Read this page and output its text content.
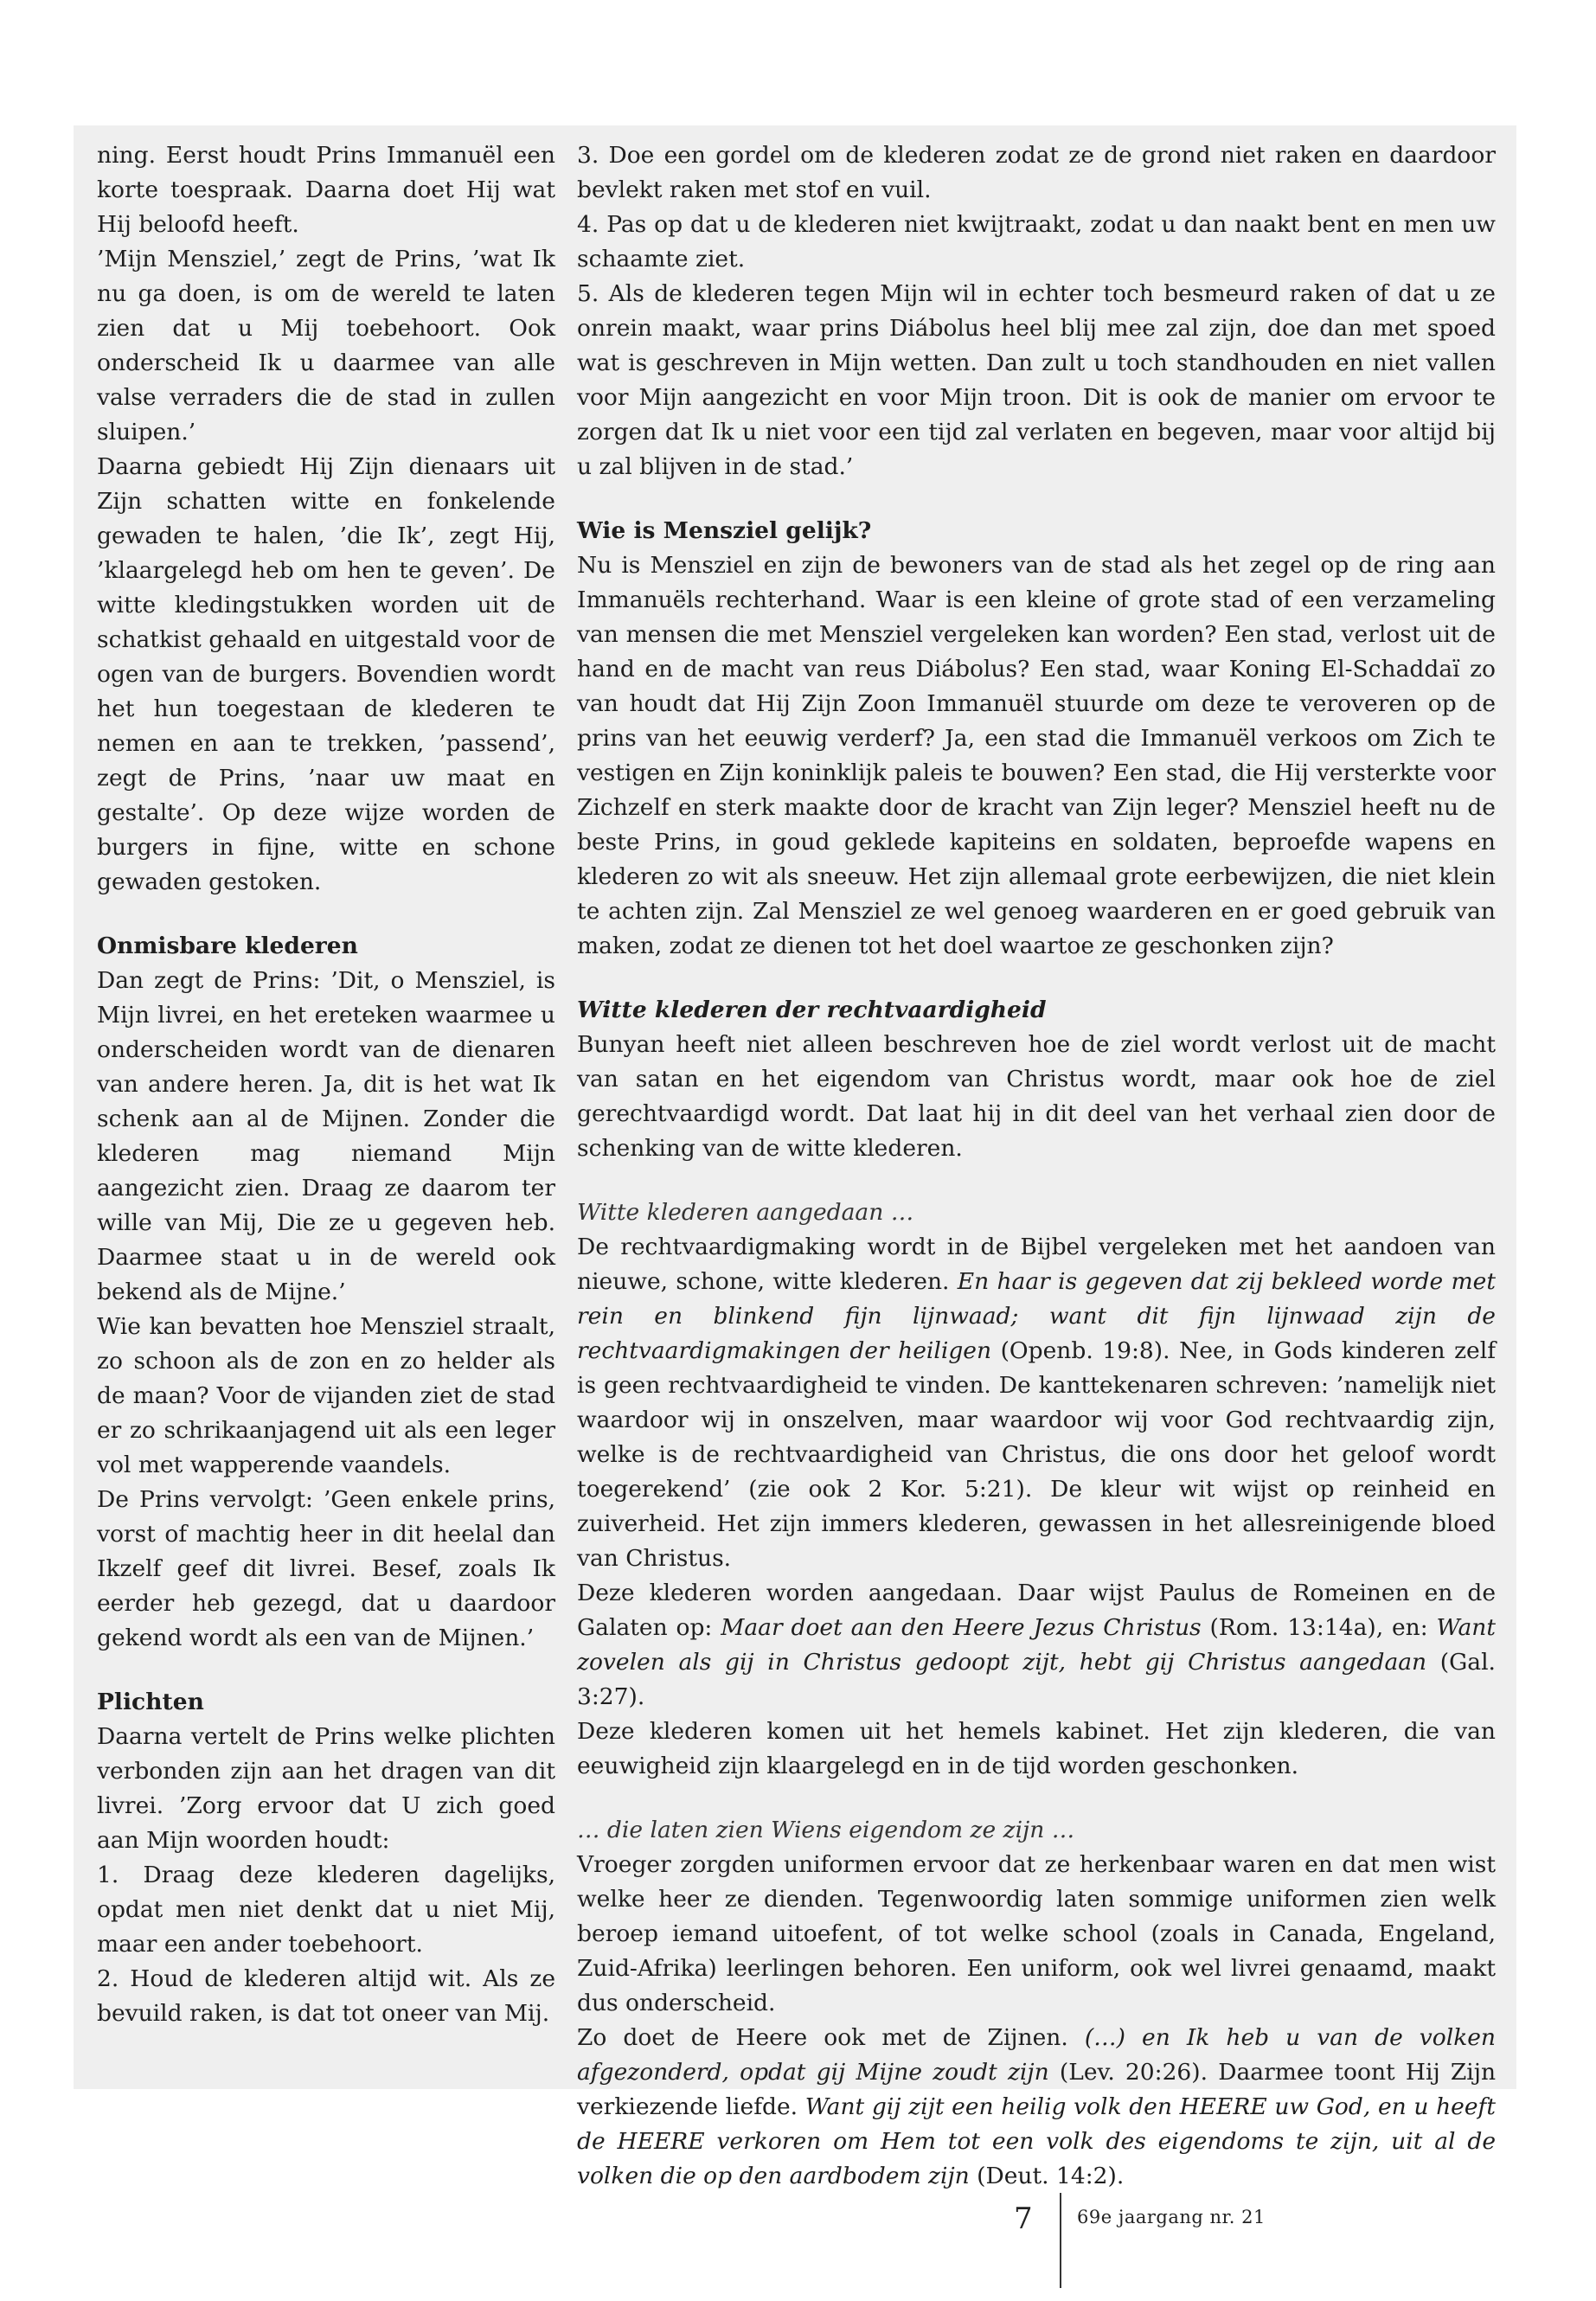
ning. Eerst houdt Prins Immanuël een korte toespraak. Daarna doet Hij wat Hij beloofd heeft.

’Mijn Mensziel,’ zegt de Prins, ’wat Ik nu ga doen, is om de wereld te laten zien dat u Mij toebehoort. Ook onderscheid Ik u daarmee van alle valse verraders die de stad in zullen sluipen.’

Daarna gebiedt Hij Zijn dienaars uit Zijn schatten witte en fonkelende gewaden te halen, ’die Ik’, zegt Hij, ’klaargelegd heb om hen te geven’. De witte kledingstukken worden uit de schatkist gehaald en uitgestald voor de ogen van de burgers. Bovendien wordt het hun toegestaan de klederen te nemen en aan te trekken, ’passend’, zegt de Prins, ’naar uw maat en gestalte’. Op deze wijze worden de burgers in fijne, witte en schone gewaden gestoken.

Onmisbare klederen

Dan zegt de Prins: ’Dit, o Mensziel, is Mijn livrei, en het ereteken waarmee u onderscheiden wordt van de dienaren van andere heren. Ja, dit is het wat Ik schenk aan al de Mijnen. Zonder die klederen mag niemand Mijn aangezicht zien. Draag ze daarom ter wille van Mij, Die ze u gegeven heb. Daarmee staat u in de wereld ook bekend als de Mijne.’

Wie kan bevatten hoe Mensziel straalt, zo schoon als de zon en zo helder als de maan? Voor de vijanden ziet de stad er zo schrikaanjagend uit als een leger vol met wapperende vaandels.

De Prins vervolgt: ’Geen enkele prins, vorst of machtig heer in dit heelal dan Ikzelf geef dit livrei. Besef, zoals Ik eerder heb gezegd, dat u daardoor gekend wordt als een van de Mijnen.’

Plichten

Daarna vertelt de Prins welke plichten verbonden zijn aan het dragen van dit livrei. ’Zorg ervoor dat U zich goed aan Mijn woorden houdt:

1. Draag deze klederen dagelijks, opdat men niet denkt dat u niet Mij, maar een ander toebehoort.

2. Houd de klederen altijd wit. Als ze bevuild raken, is dat tot oneer van Mij.

3. Doe een gordel om de klederen zodat ze de grond niet raken en daardoor bevlekt raken met stof en vuil.

4. Pas op dat u de klederen niet kwijtraakt, zodat u dan naakt bent en men uw schaamte ziet.

5. Als de klederen tegen Mijn wil in echter toch besmeurd raken of dat u ze onrein maakt, waar prins Diábolus heel blij mee zal zijn, doe dan met spoed wat is geschreven in Mijn wetten. Dan zult u toch standhouden en niet vallen voor Mijn aangezicht en voor Mijn troon. Dit is ook de manier om ervoor te zorgen dat Ik u niet voor een tijd zal verlaten en begeven, maar voor altijd bij u zal blijven in de stad.’

Wie is Mensziel gelijk?

Nu is Mensziel en zijn de bewoners van de stad als het zegel op de ring aan Immanuëls rechterhand. Waar is een kleine of grote stad of een verzameling van mensen die met Mensziel vergeleken kan worden? Een stad, verlost uit de hand en de macht van reus Diábolus? Een stad, waar Koning El-Schaddaï zo van houdt dat Hij Zijn Zoon Immanuël stuurde om deze te veroveren op de prins van het eeuwig verderf? Ja, een stad die Immanuël verkoos om Zich te vestigen en Zijn koninklijk paleis te bouwen? Een stad, die Hij versterkte voor Zichzelf en sterk maakte door de kracht van Zijn leger? Mensziel heeft nu de beste Prins, in goud geklede kapiteins en soldaten, beproefde wapens en klederen zo wit als sneeuw. Het zijn allemaal grote eerbewijzen, die niet klein te achten zijn. Zal Mensziel ze wel genoeg waarderen en er goed gebruik van maken, zodat ze dienen tot het doel waartoe ze geschonken zijn?

Witte klederen der rechtvaardigheid

Bunyan heeft niet alleen beschreven hoe de ziel wordt verlost uit de macht van satan en het eigendom van Christus wordt, maar ook hoe de ziel gerechtvaardigd wordt. Dat laat hij in dit deel van het verhaal zien door de schenking van de witte klederen.

Witte klederen aangedaan …

De rechtvaardigmaking wordt in de Bijbel vergeleken met het aandoen van nieuwe, schone, witte klederen. En haar is gegeven dat zij bekleed worde met rein en blinkend fijn lijnwaad; want dit fijn lijnwaad zijn de rechtvaardigmakingen der heiligen (Openb. 19:8). Nee, in Gods kinderen zelf is geen rechtvaardigheid te vinden. De kanttekenaren schreven: ’namelijk niet waardoor wij in onszelven, maar waardoor wij voor God rechtvaardig zijn, welke is de rechtvaardigheid van Christus, die ons door het geloof wordt toegerekend’ (zie ook 2 Kor. 5:21). De kleur wit wijst op reinheid en zuiverheid. Het zijn immers klederen, gewassen in het allesreinigende bloed van Christus.

Deze klederen worden aangedaan. Daar wijst Paulus de Romeinen en de Galaten op: Maar doet aan den Heere Jezus Christus (Rom. 13:14a), en: Want zovelen als gij in Christus gedoopt zijt, hebt gij Christus aangedaan (Gal. 3:27).

Deze klederen komen uit het hemels kabinet. Het zijn klederen, die van eeuwigheid zijn klaargelegd en in de tijd worden geschonken.

… die laten zien Wiens eigendom ze zijn …

Vroeger zorgden uniformen ervoor dat ze herkenbaar waren en dat men wist welke heer ze dienden. Tegenwoordig laten sommige uniformen zien welk beroep iemand uitoefent, of tot welke school (zoals in Canada, Engeland, Zuid-Afrika) leerlingen behoren. Een uniform, ook wel livrei genaamd, maakt dus onderscheid.

Zo doet de Heere ook met de Zijnen. (…) en Ik heb u van de volken afgezonderd, opdat gij Mijne zoudt zijn (Lev. 20:26). Daarmee toont Hij Zijn verkiezende liefde. Want gij zijt een heilig volk den HEERE uw God, en u heeft de HEERE verkoren om Hem tot een volk des eigendoms te zijn, uit al de volken die op den aardbodem zijn (Deut. 14:2).

7 69e jaargang nr. 21
